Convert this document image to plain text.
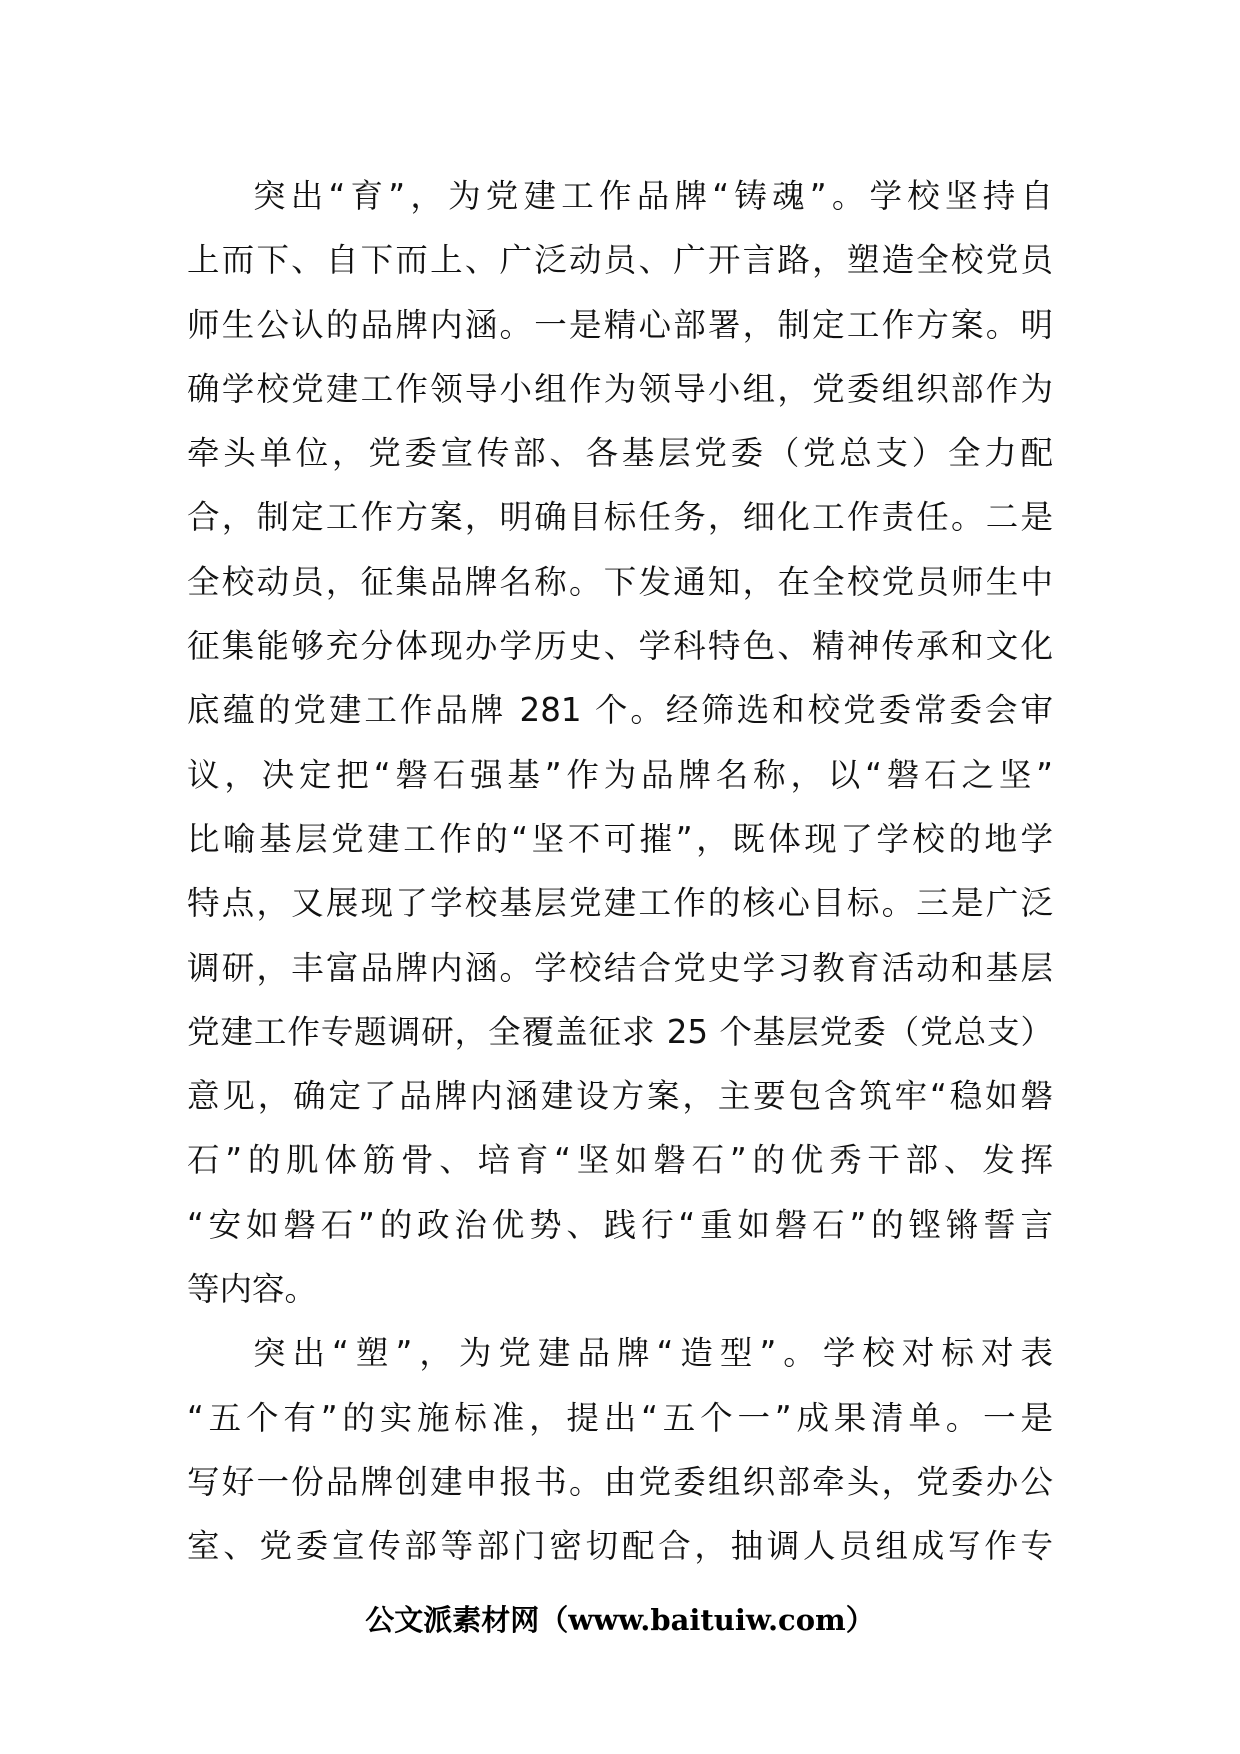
突出“育”，为党建工作品牌“铸魂”。学校坚持自
上而下、自下而上、广泛动员、广开言路，塑造全校党员
师生公认的品牌内涵。一是精心部署，制定工作方案。明
确学校党建工作领导小组作为领导小组，党委组织部作为
牵头单位，党委宣传部、各基层党委（党总支）全力配
合，制定工作方案，明确目标任务，细化工作责任。二是
全校动员，征集品牌名称。下发通知，在全校党员师生中
征集能够充分体现办学历史、学科特色、精神传承和文化
底蕴的党建工作品牌 281 个。经筛选和校党委常委会审
议，决定把“磐石强基”作为品牌名称，以“磐石之坚”
比喻基层党建工作的“坚不可摧”，既体现了学校的地学
特点，又展现了学校基层党建工作的核心目标。三是广泛
调研，丰富品牌内涵。学校结合党史学习教育活动和基层
党建工作专题调研，全覆盖征求 25 个基层党委（党总支）
意见，确定了品牌内涵建设方案，主要包含筑牢“稳如磐
石”的肌体筋骨、培育“坚如磐石”的优秀干部、发挥
“安如磐石”的政治优势、践行“重如磐石”的铿锵誓言
等内容。
突出“塑”，为党建品牌“造型”。学校对标对表
“五个有”的实施标准，提出“五个一”成果清单。一是
写好一份品牌创建申报书。由党委组织部牵头，党委办公
室、党委宣传部等部门密切配合，抽调人员组成写作专
公文派素材网（www.baituiw.com）
